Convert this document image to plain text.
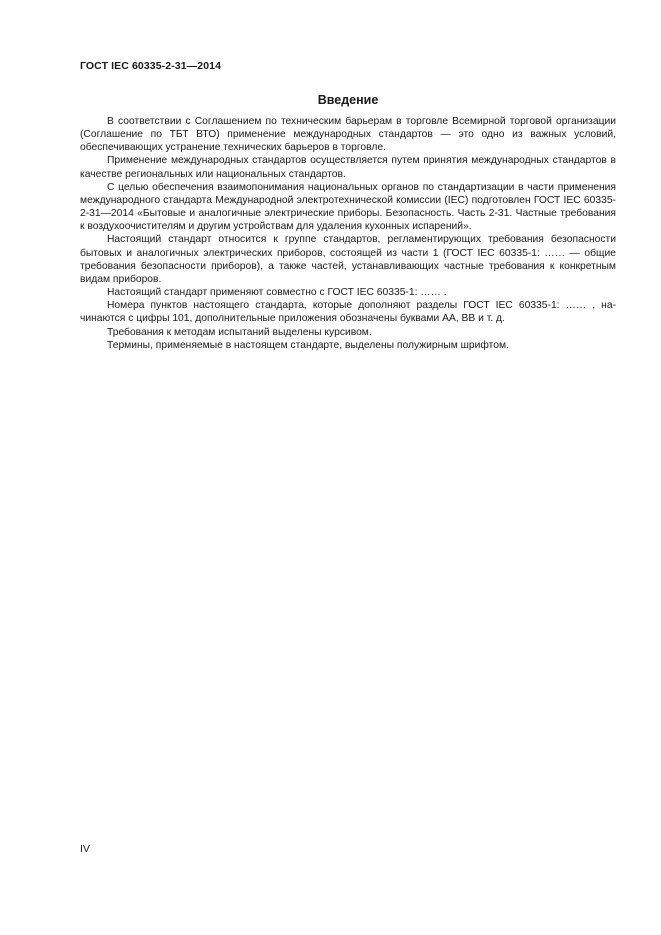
ГОСТ IEC 60335-2-31—2014
Введение

В соответствии с Соглашением по техническим барьерам в торговле Всемирной торговой организации (Соглашение по ТБТ ВТО) применение международных стандартов — это одно из важных условий, обеспечивающих устранение технических барьеров в торговле.

Применение международных стандартов осуществляется путем принятия международных стандартов в качестве региональных или национальных стандартов.

С целью обеспечения взаимопонимания национальных органов по стандартизации в части применения международного стандарта Международной электротехнической комиссии (IEC) подготовлен ГОСТ IEC 60335-2-31—2014 «Бытовые и аналогичные электрические приборы. Безопасность. Часть 2-31. Частные требования к воздухоочистителям и другим устройствам для удаления кухонных испарений».

Настоящий стандарт относится к группе стандартов, регламентирующих требования безопасности бытовых и аналогичных электрических приборов, состоящей из части 1 (ГОСТ IEC 60335-1: …… — общие требования безопасности приборов), а также частей, устанавливающих частные требования к конкретным видам приборов.

Настоящий стандарт применяют совместно с ГОСТ IEC 60335-1: …… .

Номера пунктов настоящего стандарта, которые дополняют разделы ГОСТ IEC 60335-1: …… , начинаются с цифры 101, дополнительные приложения обозначены буквами АА, ВВ и т. д.

Требования к методам испытаний выделены курсивом.

Термины, применяемые в настоящем стандарте, выделены полужирным шрифтом.

IV
